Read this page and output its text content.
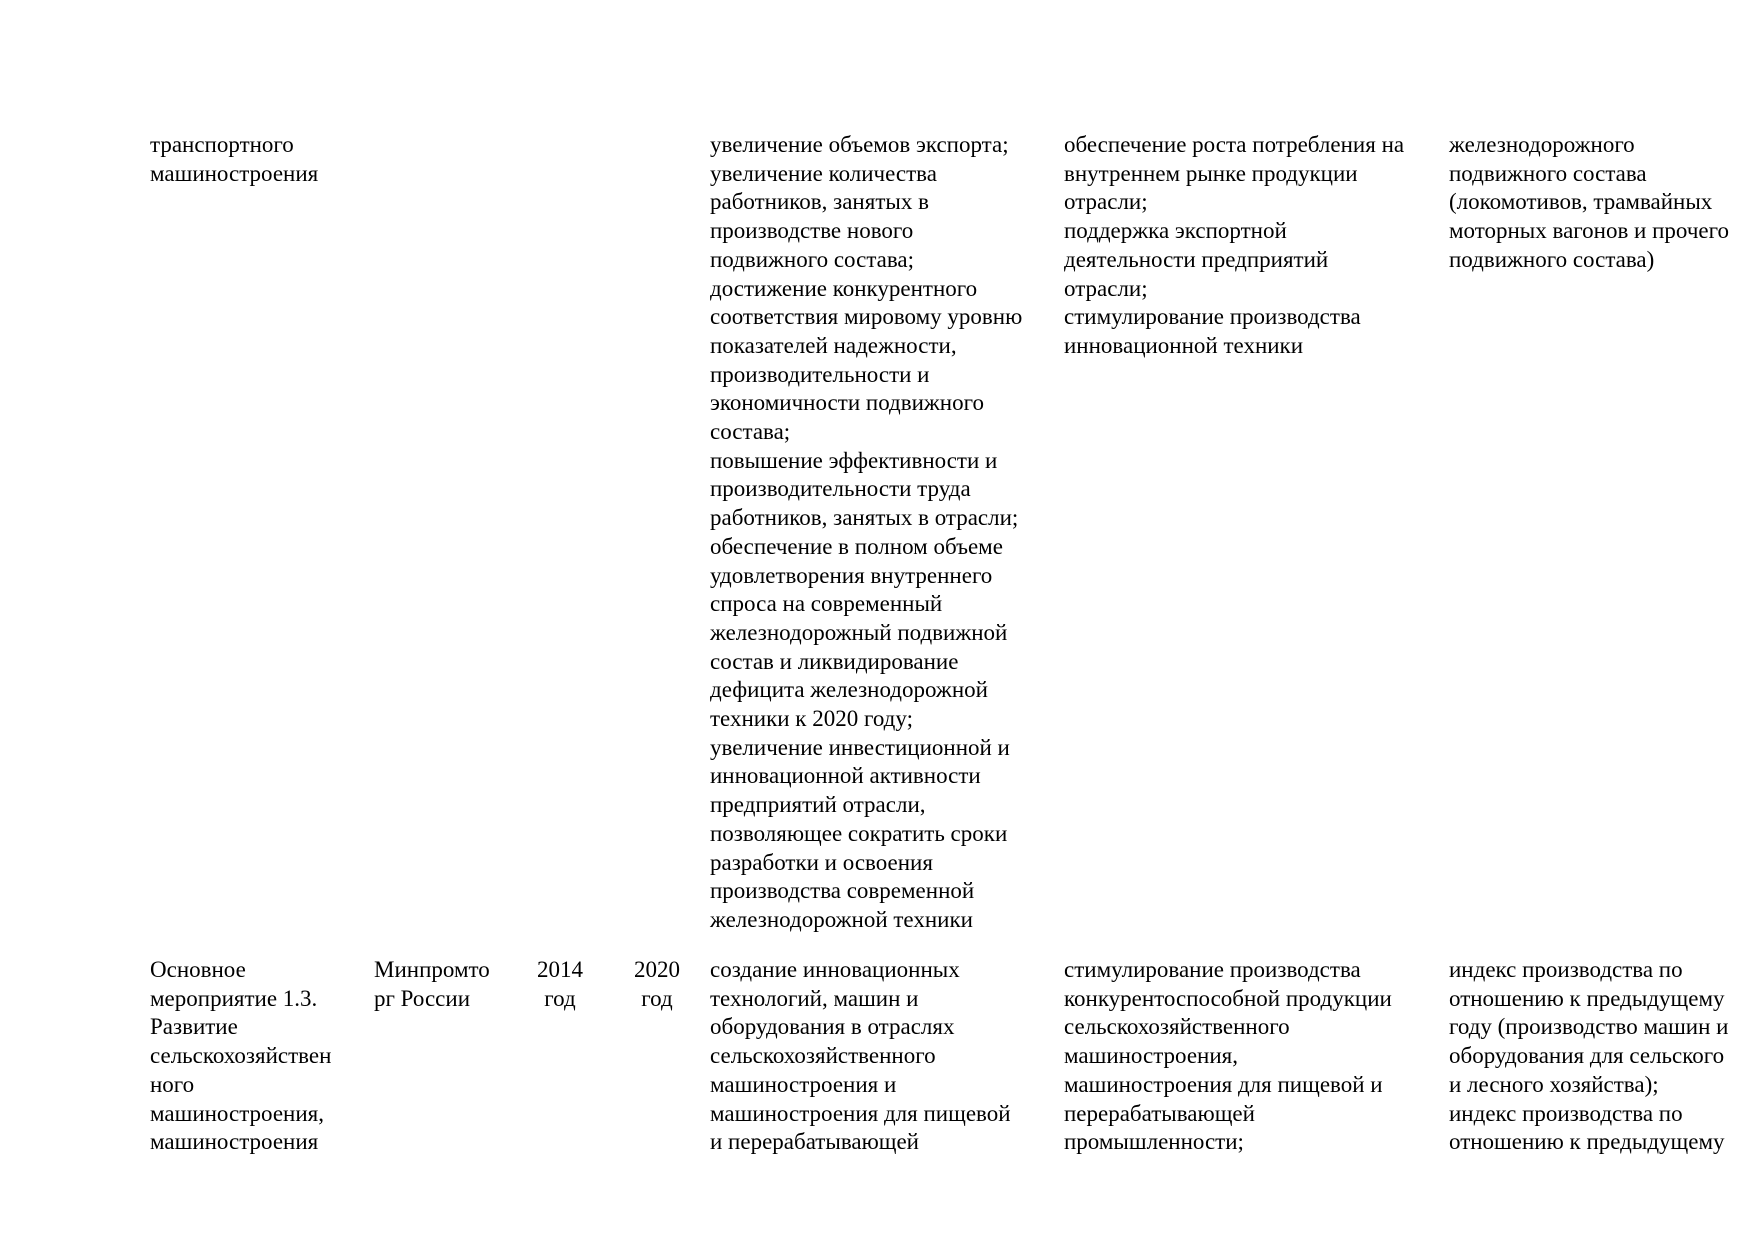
транспортного
машиностроения
увеличение объемов экспорта;
увеличение количества
работников, занятых в
производстве нового
подвижного состава;
достижение конкурентного
соответствия мировому уровню
показателей надежности,
производительности и
экономичности подвижного
состава;
повышение эффективности и
производительности труда
работников, занятых в отрасли;
обеспечение в полном объеме
удовлетворения внутреннего
спроса на современный
железнодорожный подвижной
состав и ликвидирование
дефицита железнодорожной
техники к 2020 году;
увеличение инвестиционной и
инновационной активности
предприятий отрасли,
позволяющее сократить сроки
разработки и освоения
производства современной
железнодорожной техники
обеспечение роста потребления на
внутреннем рынке продукции
отрасли;
поддержка экспортной
деятельности предприятий
отрасли;
стимулирование производства
инновационной техники
железнодорожного
подвижного состава
(локомотивов, трамвайных
моторных вагонов и прочего
подвижного состава)
Основное
мероприятие 1.3.
Развитие
сельскохозяйствен
ного
машиностроения,
машиностроения
Минпромто
рг России
2014
год
2020
год
создание инновационных
технологий, машин и
оборудования в отраслях
сельскохозяйственного
машиностроения и
машиностроения для пищевой
и перерабатывающей
стимулирование производства
конкурентоспособной продукции
сельскохозяйственного
машиностроения,
машиностроения для пищевой и
перерабатывающей
промышленности;
индекс производства по
отношению к предыдущему
году (производство машин и
оборудования для сельского
и лесного хозяйства);
индекс производства по
отношению к предыдущему
